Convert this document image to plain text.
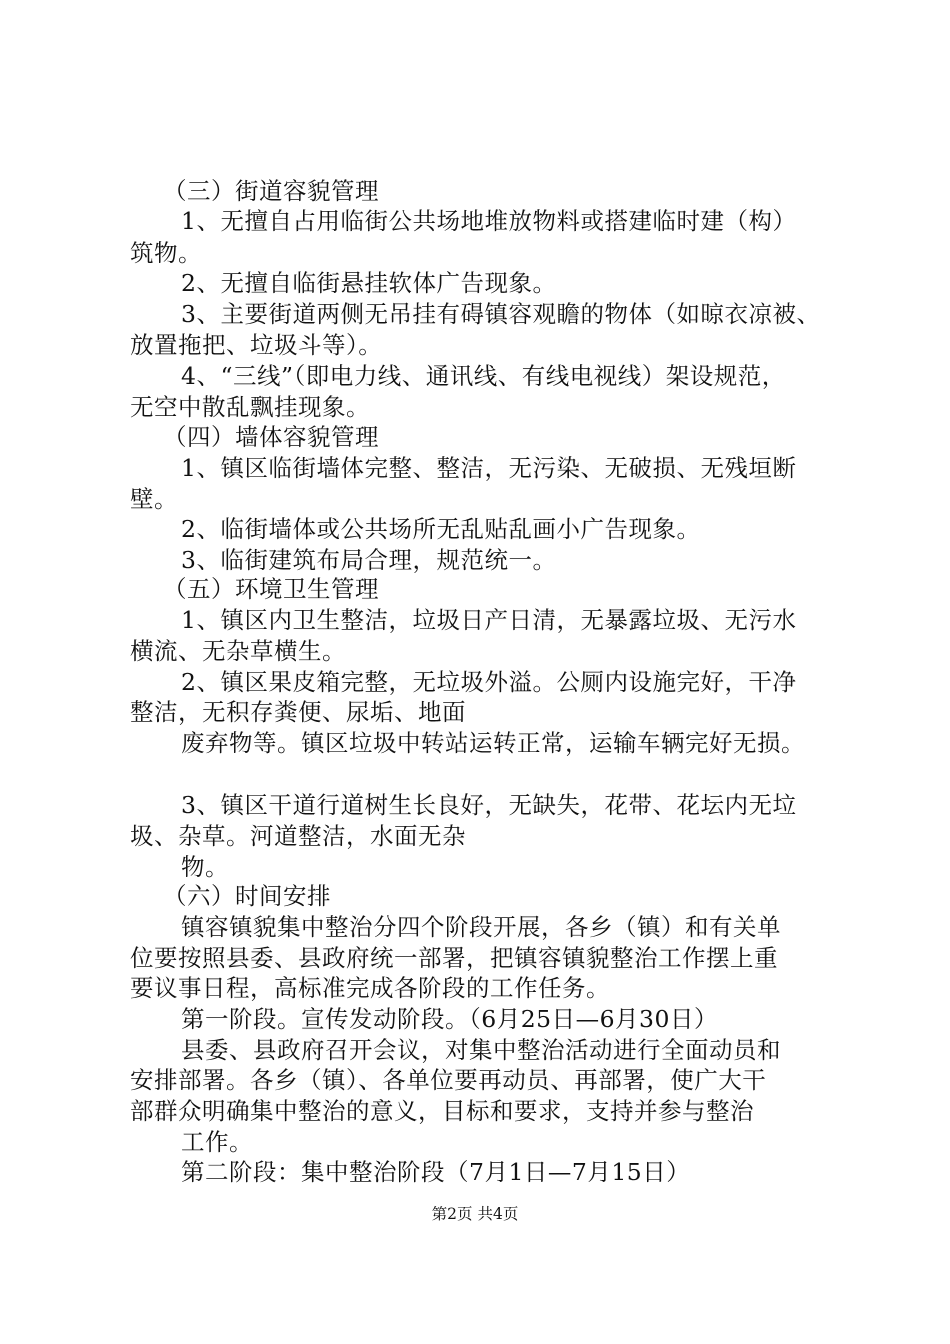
（三）街道容貌管理
1、无擅自占用临街公共场地堆放物料或搭建临时建（构）
筑物。
2、无擅自临街悬挂软体广告现象。
3、主要街道两侧无吊挂有碍镇容观瞻的物体（如晾衣凉被、
放置拖把、垃圾斗等）。
4、“三线”（即电力线、通讯线、有线电视线）架设规范，
无空中散乱飘挂现象。
（四）墙体容貌管理
1、镇区临街墙体完整、整洁，无污染、无破损、无残垣断
壁。
2、临街墙体或公共场所无乱贴乱画小广告现象。
3、临街建筑布局合理，规范统一。
（五）环境卫生管理
1、镇区内卫生整洁，垃圾日产日清，无暴露垃圾、无污水
横流、无杂草横生。
2、镇区果皮箱完整，无垃圾外溢。公厕内设施完好，干净
整洁，无积存粪便、尿垢、地面
废弃物等。镇区垃圾中转站运转正常，运输车辆完好无损。
3、镇区干道行道树生长良好，无缺失，花带、花坛内无垃
圾、杂草。河道整洁，水面无杂
物。
（六）时间安排
镇容镇貌集中整治分四个阶段开展，各乡（镇）和有关单
位要按照县委、县政府统一部署，把镇容镇貌整治工作摆上重
要议事日程，高标准完成各阶段的工作任务。
第一阶段。宣传发动阶段。（6月25日—6月30日）
县委、县政府召开会议，对集中整治活动进行全面动员和
安排部署。各乡（镇）、各单位要再动员、再部署，使广大干
部群众明确集中整治的意义，目标和要求，支持并参与整治
工作。
第二阶段：集中整治阶段（7月1日—7月15日）
第2页 共4页
